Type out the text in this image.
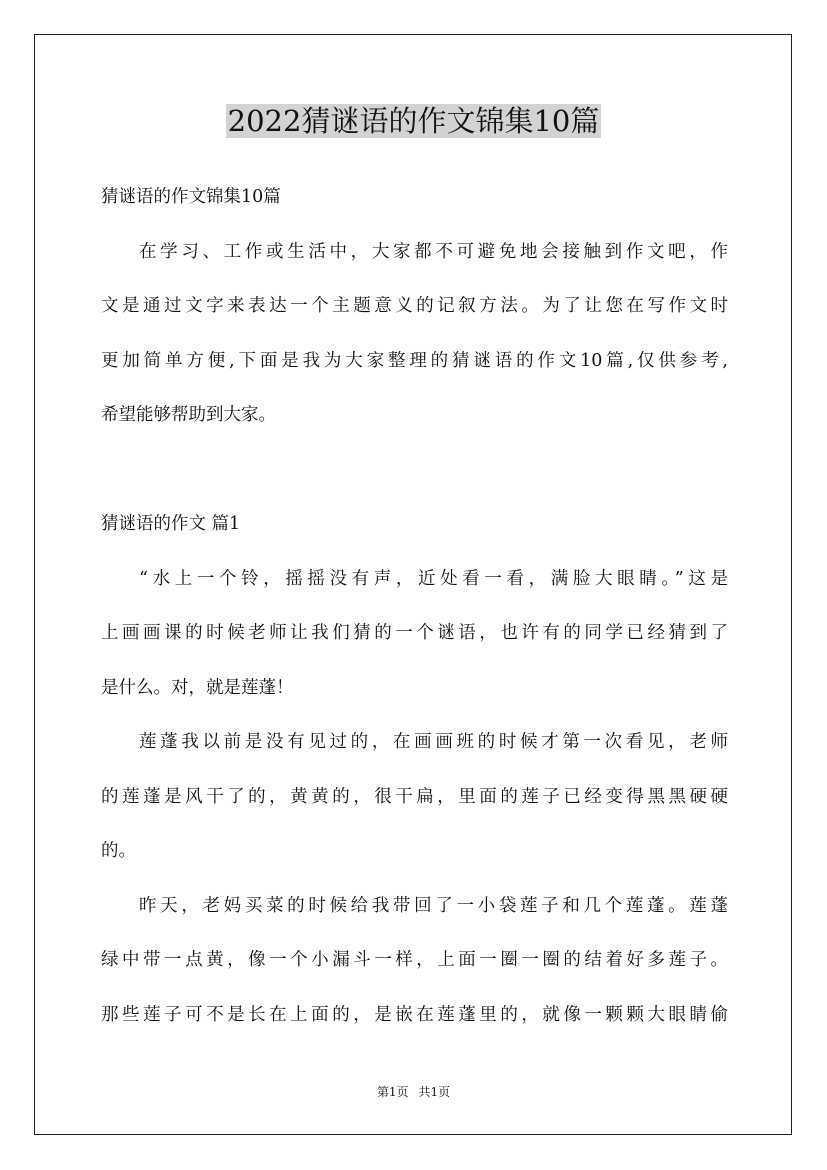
2022猜谜语的作文锦集10篇
猜谜语的作文锦集10篇
在学习、工作或生活中，大家都不可避免地会接触到作文吧，作
文是通过文字来表达一个主题意义的记叙方法。为了让您在写作文时
更加简单方便,下面是我为大家整理的猜谜语的作文10篇,仅供参考,
希望能够帮助到大家。
猜谜语的作文 篇1
“水上一个铃，摇摇没有声，近处看一看，满脸大眼睛。”这是
上画画课的时候老师让我们猜的一个谜语，也许有的同学已经猜到了
是什么。对，就是莲蓬！
莲蓬我以前是没有见过的，在画画班的时候才第一次看见，老师
的莲蓬是风干了的，黄黄的，很干扁，里面的莲子已经变得黑黑硬硬
的。
昨天，老妈买菜的时候给我带回了一小袋莲子和几个莲蓬。莲蓬
绿中带一点黄，像一个小漏斗一样，上面一圈一圈的结着好多莲子。
那些莲子可不是长在上面的，是嵌在莲蓬里的，就像一颗颗大眼睛偷
第1页 共1页
